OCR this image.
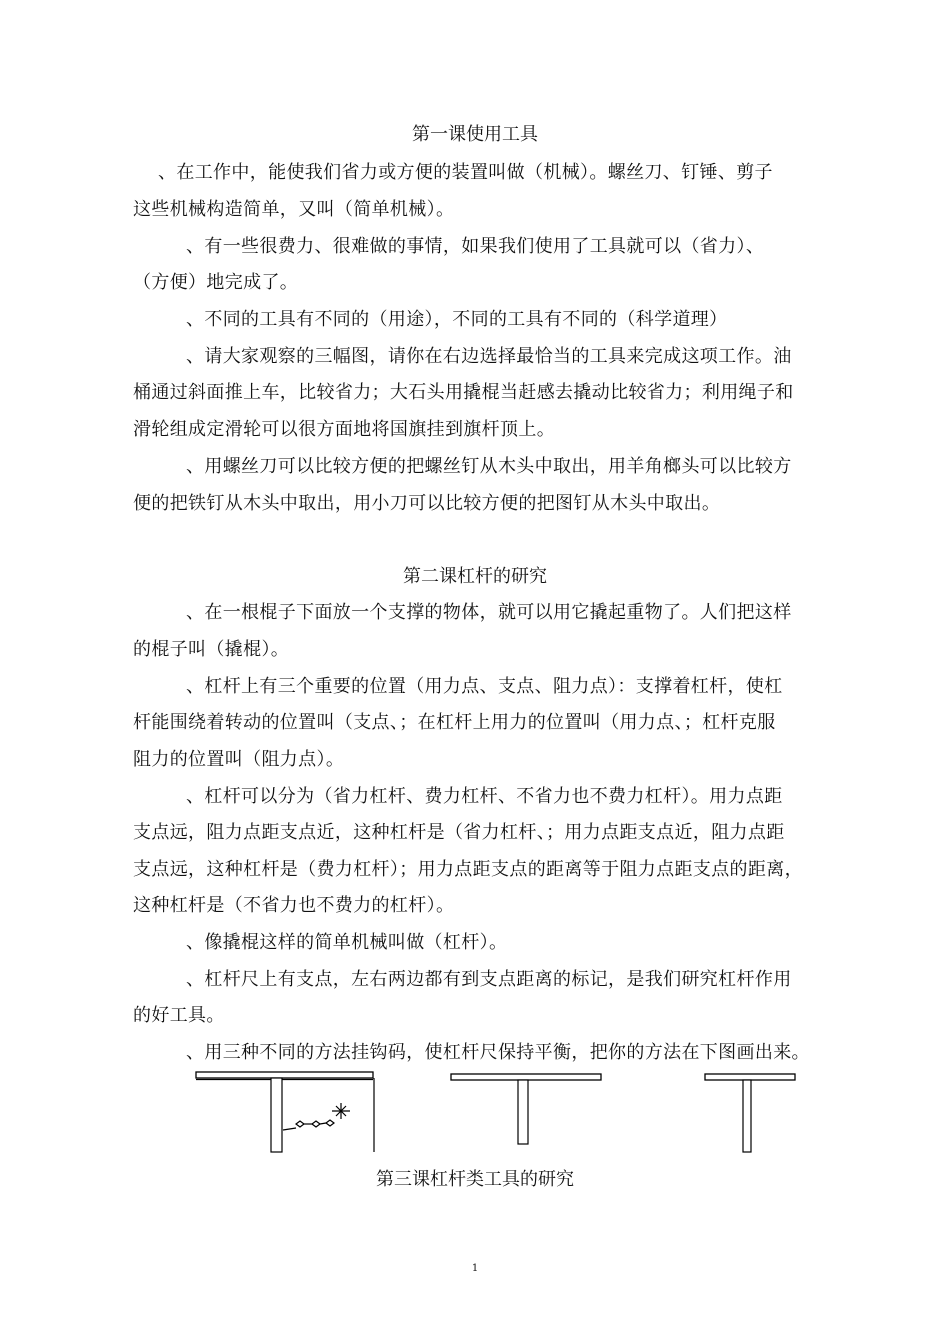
第一课使用工具
、在工作中，能使我们省力或方便的装置叫做（机械）。螺丝刀、钉锤、剪子
这些机械构造简单，又叫（简单机械）。
、有一些很费力、很难做的事情，如果我们使用了工具就可以（省力）、
（方便）地完成了。
、不同的工具有不同的（用途），不同的工具有不同的（科学道理）
、请大家观察的三幅图，请你在右边选择最恰当的工具来完成这项工作。油
桶通过斜面推上车，比较省力；大石头用撬棍当赶感去撬动比较省力；利用绳子和
滑轮组成定滑轮可以很方面地将国旗挂到旗杆顶上。
、用螺丝刀可以比较方便的把螺丝钉从木头中取出，用羊角榔头可以比较方
便的把铁钉从木头中取出，用小刀可以比较方便的把图钉从木头中取出。
第二课杠杆的研究
、在一根棍子下面放一个支撑的物体，就可以用它撬起重物了。人们把这样
的棍子叫（撬棍）。
、杠杆上有三个重要的位置（用力点、支点、阻力点）：支撑着杠杆，使杠
杆能围绕着转动的位置叫（支点、；在杠杆上用力的位置叫（用力点、；杠杆克服
阻力的位置叫（阻力点）。
、杠杆可以分为（省力杠杆、费力杠杆、不省力也不费力杠杆）。用力点距
支点远，阻力点距支点近，这种杠杆是（省力杠杆、；用力点距支点近，阻力点距
支点远，这种杠杆是（费力杠杆）；用力点距支点的距离等于阻力点距支点的距离，
这种杠杆是（不省力也不费力的杠杆）。
、像撬棍这样的简单机械叫做（杠杆）。
、杠杆尺上有支点，左右两边都有到支点距离的标记，是我们研究杠杆作用
的好工具。
、用三种不同的方法挂钩码，使杠杆尺保持平衡，把你的方法在下图画出来。
第三课杠杆类工具的研究
1
